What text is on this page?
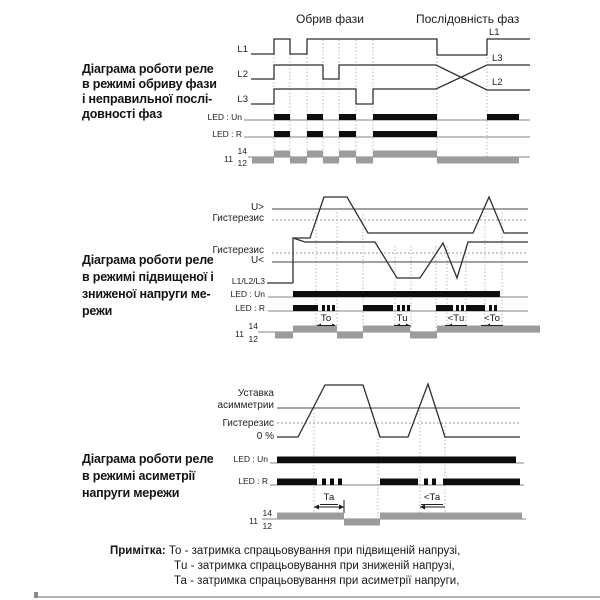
Обрив фази	Послідовність фаз
Діаграма роботи реле
в режимі обриву фази
і неправильної послі-
довності фаз
L1
L2
L3
L1
L3
L2
LED : Un
LED : R
14
11 12
Діаграма роботи реле
в режимі підвищеної і
зниженої напруги ме-
режи
U>
Гистерезис
Гистерезис
U<
L1/L2/L3
LED : Un
LED : R
14
11 12
То	Тu	<Тu	<То
Діаграма роботи реле
в режимі асиметрії
напруги мережи
Уставка
асимметрии
Гистерезис
0 %
LED : Un
LED : R
14
11 12
Та	<Та
Примітка: То - затримка спрацьовування при підвищеній напрузі,
Тu - затримка спрацьовування при зниженій напрузі,
Та - затримка спрацьовування при асиметрії напруги,
